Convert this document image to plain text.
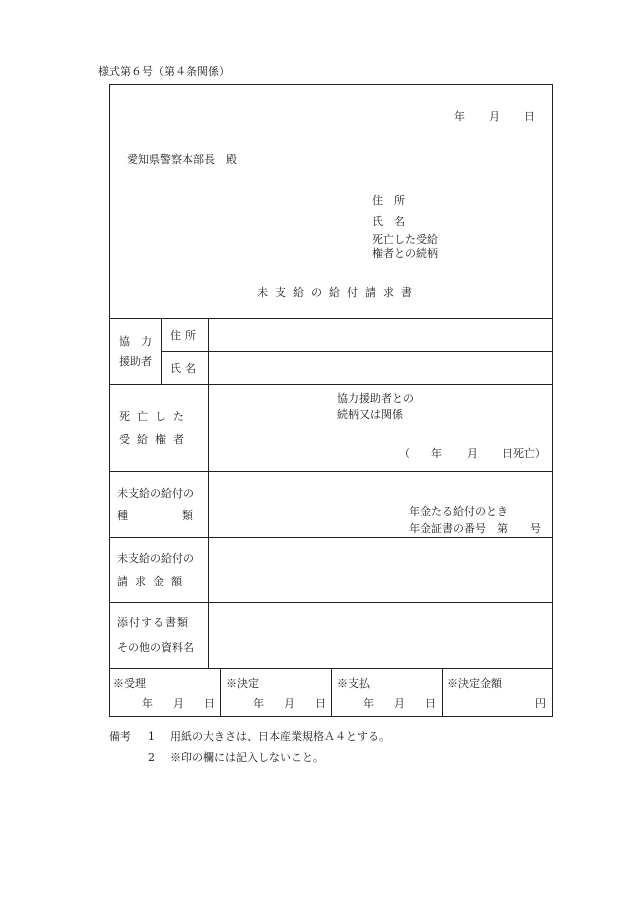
様式第６号（第４条関係）
年 月 日
愛知県警察本部長　殿
住　所
氏　名
死亡した受給
権者との続柄
未支給の給付請求書
協　力
援助者
住所
氏名
死亡した
受給権者
協力援助者との
続柄又は関係
（ 年 月 日死亡）
未支給の給付の
種類	年金たる給付のとき
年金証書の番号　第　　号
未支給の給付の
請求金額
添付する書類
その他の資料名
※受理
年 月 日
※決定
年 月 日
※支払
年 月 日
※決定金額
円
備考 1 用紙の大きさは、日本産業規格Ａ４とする。
2 ※印の欄には記入しないこと。
